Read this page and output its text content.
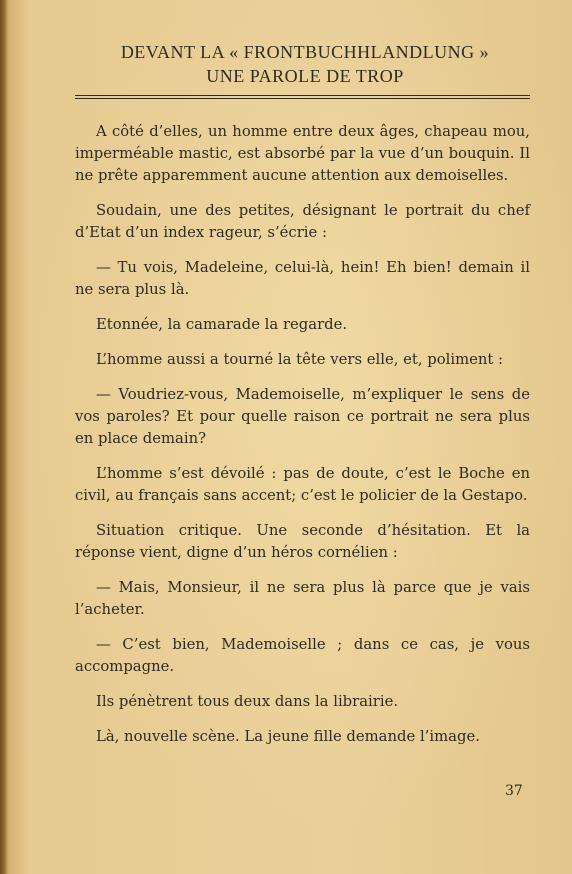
DEVANT LA « FRONTBUCHHLANDLUNG »
UNE PAROLE DE TROP

A côté d’elles, un homme entre deux âges, chapeau mou, imperméable mastic, est absorbé par la vue d’un bouquin. Il ne prête apparemment aucune attention aux demoiselles.

Soudain, une des petites, désignant le portrait du chef d’Etat d’un index rageur, s’écrie :

— Tu vois, Madeleine, celui-là, hein! Eh bien! demain il ne sera plus là.

Etonnée, la camarade la regarde.

L’homme aussi a tourné la tête vers elle, et, poliment :

— Voudriez-vous, Mademoiselle, m’expliquer le sens de vos paroles? Et pour quelle raison ce portrait ne sera plus en place demain?

L’homme s’est dévoilé : pas de doute, c’est le Boche en civil, au français sans accent; c’est le policier de la Gestapo.

Situation critique. Une seconde d’hésitation. Et la réponse vient, digne d’un héros cornélien :

— Mais, Monsieur, il ne sera plus là parce que je vais l’acheter.

— C’est bien, Mademoiselle ; dans ce cas, je vous accompagne.

Ils pénètrent tous deux dans la librairie.

Là, nouvelle scène. La jeune fille demande l’image.

37
